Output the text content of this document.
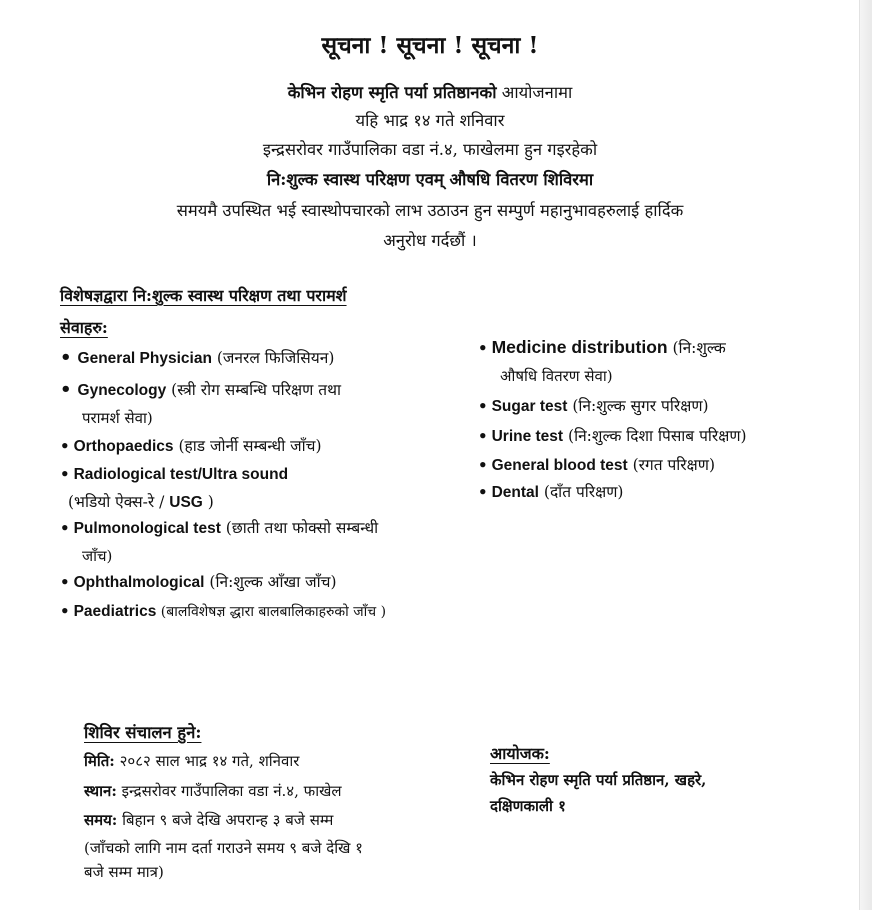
सूचना ! सूचना ! सूचना !
केभिन रोहण स्मृति पर्या प्रतिष्ठानको आयोजनामा
यहि भाद्र १४ गते शनिवार
इन्द्रसरोवर गाउँपालिका वडा नं.४, फाखेलमा हुन गइरहेको
नि:शुल्क स्वास्थ परिक्षण एवम् औषधि वितरण शिविरमा
समयमै उपस्थित भई स्वास्थोपचारको लाभ उठाउन हुन सम्पुर्ण महानुभावहरुलाई हार्दिक
अनुरोध गर्दछौं ।
विशेषज्ञद्वारा नि:शुल्क स्वास्थ परिक्षण तथा परामर्श
सेवाहरु:
• General Physician (जनरल फिजिसियन)
• Gynecology (स्त्री रोग सम्बन्धि परिक्षण तथा
परामर्श सेवा)
• Orthopaedics (हाड जोर्नी सम्बन्धी जाँच)
• Radiological test/Ultra sound
(भडियो ऐक्स-रे / USG )
• Pulmonological test (छाती तथा फोक्सो सम्बन्धी
जाँच)
• Ophthalmological (नि:शुल्क आँखा जाँच)
• Paediatrics (बालविशेषज्ञ द्धारा बालबालिकाहरुको जाँच )
• Medicine distribution (नि:शुल्क
औषधि वितरण सेवा)
• Sugar test (नि:शुल्क सुगर परिक्षण)
• Urine test (नि:शुल्क दिशा पिसाब परिक्षण)
• General blood test (रगत परिक्षण)
• Dental (दाँत परिक्षण)
शिविर संचालन हुने:
मिति: २०८२ साल भाद्र १४ गते, शनिवार
स्थान: इन्द्रसरोवर गाउँपालिका वडा नं.४, फाखेल
समय: बिहान ९ बजे देखि अपरान्ह ३ बजे सम्म
(जाँचको लागि नाम दर्ता गराउने समय ९ बजे देखि १
बजे सम्म मात्र)
आयोजक:
केभिन रोहण स्मृति पर्या प्रतिष्ठान, खहरे,
दक्षिणकाली १
